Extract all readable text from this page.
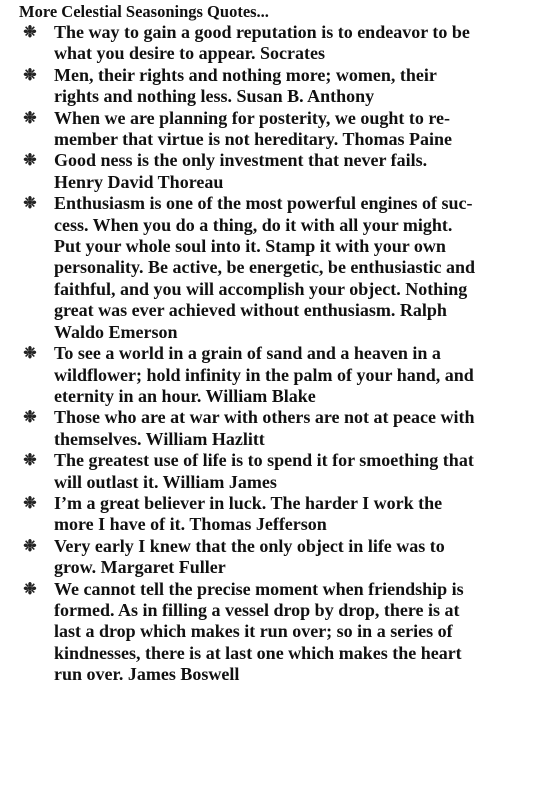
More Celestial Seasonings Quotes...
❉ The way to gain a good reputation is to endeavor to be
what you desire to appear. Socrates
❉ Men, their rights and nothing more; women, their
rights and nothing less. Susan B. Anthony
❉ When we are planning for posterity, we ought to re-
member that virtue is not hereditary. Thomas Paine
❉ Good ness is the only investment that never fails.
Henry David Thoreau
❉ Enthusiasm is one of the most powerful engines of suc-
cess. When you do a thing, do it with all your might.
Put your whole soul into it. Stamp it with your own
personality. Be active, be energetic, be enthusiastic and
faithful, and you will accomplish your object. Nothing
great was ever achieved without enthusiasm. Ralph
Waldo Emerson
❉ To see a world in a grain of sand and a heaven in a
wildflower; hold infinity in the palm of your hand, and
eternity in an hour. William Blake
❉ Those who are at war with others are not at peace with
themselves. William Hazlitt
❉ The greatest use of life is to spend it for smoething that
will outlast it. William James
❉ I’m a great believer in luck. The harder I work the
more I have of it. Thomas Jefferson
❉ Very early I knew that the only object in life was to
grow. Margaret Fuller
❉ We cannot tell the precise moment when friendship is
formed. As in filling a vessel drop by drop, there is at
last a drop which makes it run over; so in a series of
kindnesses, there is at last one which makes the heart
run over. James Boswell
